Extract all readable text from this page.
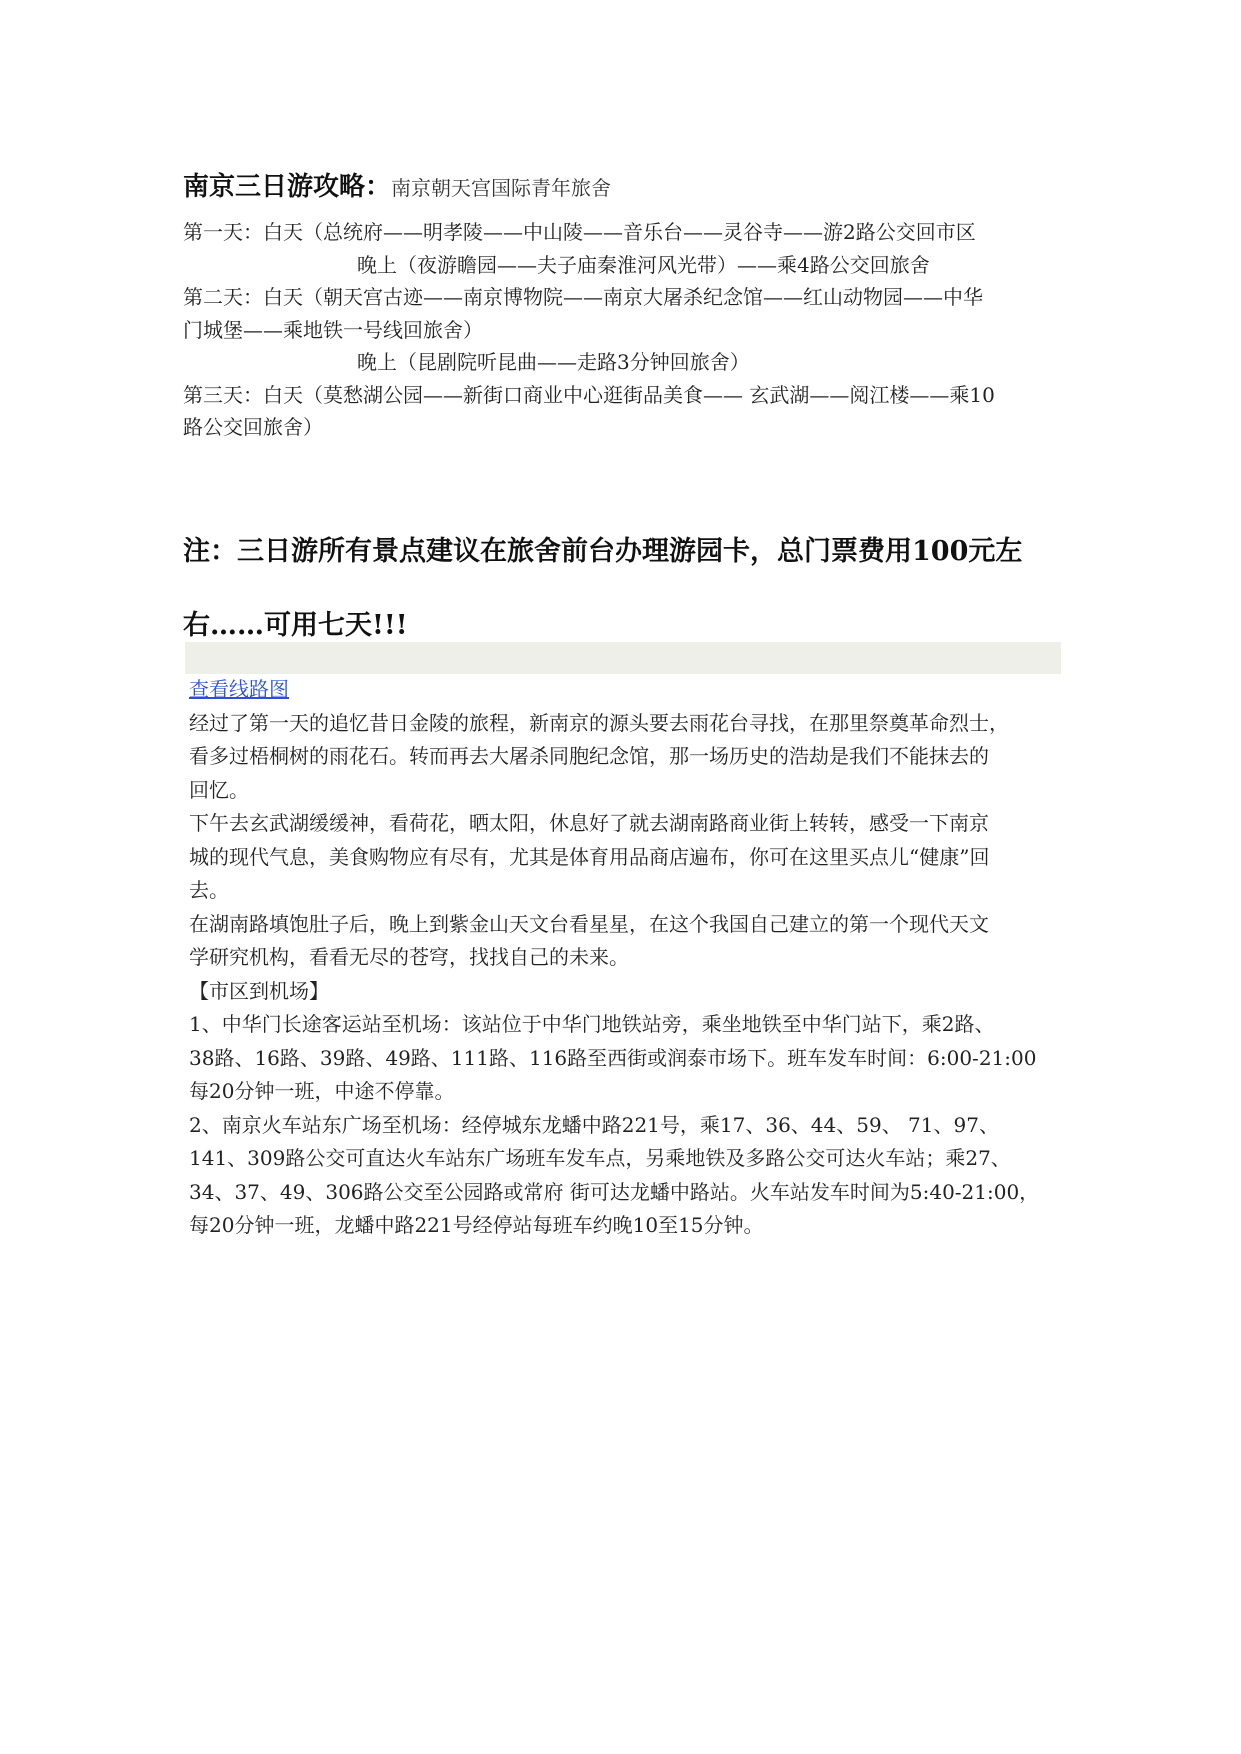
南京三日游攻略：南京朝天宫国际青年旅舍
第一天：白天（总统府——明孝陵——中山陵——音乐台——灵谷寺——游2路公交回市区
晚上（夜游瞻园——夫子庙秦淮河风光带）——乘4路公交回旅舍
第二天：白天（朝天宫古迹——南京博物院——南京大屠杀纪念馆——红山动物园——中华
门城堡——乘地铁一号线回旅舍）
晚上（昆剧院听昆曲——走路3分钟回旅舍）
第三天：白天（莫愁湖公园——新街口商业中心逛街品美食—— 玄武湖——阅江楼——乘10
路公交回旅舍）
注：三日游所有景点建议在旅舍前台办理游园卡，总门票费用100元左
右……可用七天!!!
查看线路图
经过了第一天的追忆昔日金陵的旅程，新南京的源头要去雨花台寻找，在那里祭奠革命烈士，
看多过梧桐树的雨花石。转而再去大屠杀同胞纪念馆，那一场历史的浩劫是我们不能抹去的
回忆。
下午去玄武湖缓缓神，看荷花，晒太阳，休息好了就去湖南路商业街上转转，感受一下南京
城的现代气息，美食购物应有尽有，尤其是体育用品商店遍布，你可在这里买点儿“健康”回
去。
在湖南路填饱肚子后，晚上到紫金山天文台看星星，在这个我国自己建立的第一个现代天文
学研究机构，看看无尽的苍穹，找找自己的未来。
【市区到机场】
1、中华门长途客运站至机场：该站位于中华门地铁站旁，乘坐地铁至中华门站下，乘2路、
38路、16路、39路、49路、111路、116路至西街或润泰市场下。班车发车时间：6:00-21:00
每20分钟一班，中途不停靠。
2、南京火车站东广场至机场：经停城东龙蟠中路221号，乘17、36、44、59、 71、97、
141、309路公交可直达火车站东广场班车发车点，另乘地铁及多路公交可达火车站；乘27、
34、37、49、306路公交至公园路或常府 街可达龙蟠中路站。火车站发车时间为5:40-21:00，
每20分钟一班，龙蟠中路221号经停站每班车约晚10至15分钟。
